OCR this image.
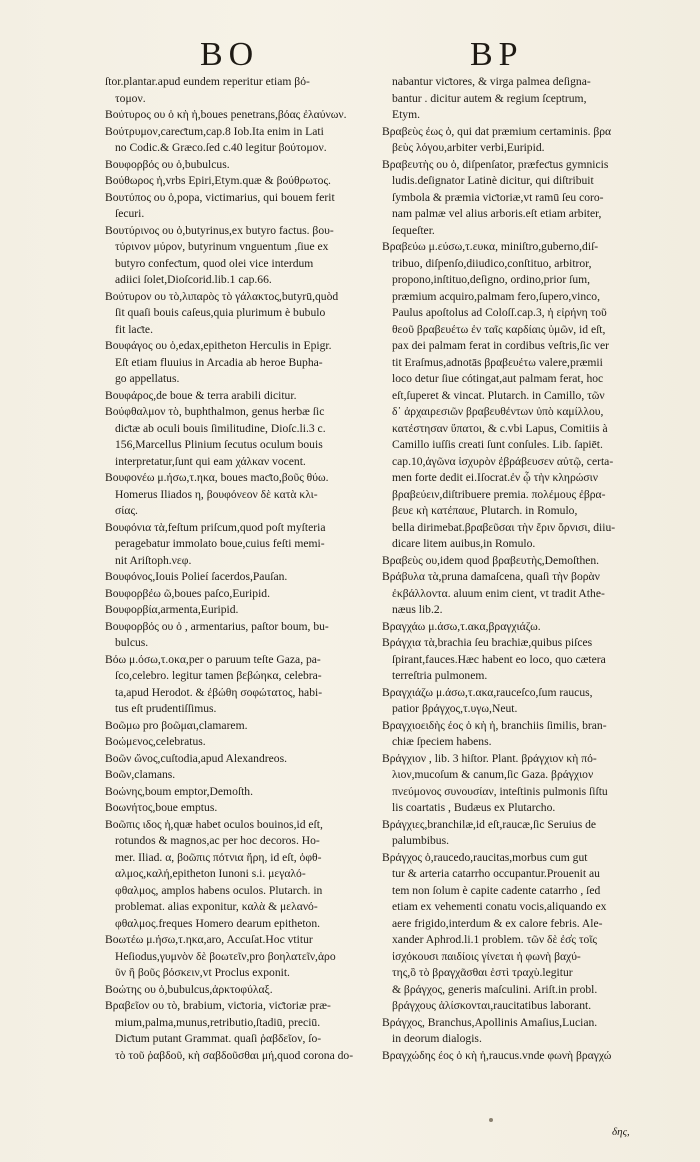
BO	BP
ſtor.plantar.apud eundem reperitur etiam βό-
τομον.
Βούτυρος ου ὁ κὴ ἡ,boues penetrans,βόας ἐλαύνων.
Βούτρυμον,careƈtum,cap.8 Iob.Ita enim in Lati
no Codic.& Græco.ſed c.40 legitur βούτομον.
Βουφορβός ου ὁ,bubulcus.
Βούθωρος ἡ,vrbs Epiri,Etym.quæ & βούθρωτος.
Βουτύπος ου ὁ,popa, victimarius, qui bouem ferit
ſecuri.
Βουτύρινος ου ὁ,butyrinus,ex butyro factus. βου-
τύρινον μύρον, butyrinum vnguentum ,ſiue ex
butyro confeƈtum, quod olei vice interdum
adiici ſolet,Dioſcorid.lib.1 cap.66.
Βούτυρον ου τὸ,λιπαρὸς τὸ γάλακτος,butyrū,quòd
ſit quaſi bouis caſeus,quia plurimum è bubulo
fit laƈte.
Βουφάγος ου ὁ,edax,epitheton Herculis in Epigr.
Eſt etiam fluuius in Arcadia ab heroe Bupha-
go appellatus.
Βουφάρος,de boue & terra arabili dicitur.
Βούφθαλμον τὸ, buphthalmon, genus herbæ ſic
diƈtæ ab oculi bouis ſimilitudine, Dioſc.li.3 c.
156,Marcellus Plinium ſecutus oculum bouis
interpretatur,ſunt qui eam χάλκαν vocent.
Βουφονέω μ.ήσω,τ.ηκα, boues maƈto,βοῦς θύω.
Homerus Iliados η, βουφόνεον δὲ κατὰ κλι-
σίας.
Βουφόνια τὰ,feſtum priſcum,quod poſt myſteria
peragebatur immolato boue,cuius feſti memi-
nit Ariſtoph.νεφ.
Βουφόνος,Iouis Polieí ſacerdos,Pauſan.
Βουφορβέω ῶ,boues paſco,Euripid.
Βουφορβία,armenta,Euripid.
Βουφορβός ου ὁ , armentarius, paſtor boum, bu-
bulcus.
Βόω μ.όσω,τ.οκα,per o paruum teſte Gaza, pa-
ſco,celebro. legitur tamen βεβώηκα, celebra-
ta,apud Herodot. & ἐβώθη σοφώτατος, habi-
tus eſt prudentiſſimus.
Βοῶμω pro βοῶμαι,clamarem.
Βοώμενος,celebratus.
Βοῶν ὤνος,cuſtodia,apud Alexandreos.
Βοῶν,clamans.
Βοώνης,boum emptor,Demoſth.
Βοωνήτος,boue emptus.
Βοῶπις ιδος ἡ,quæ habet oculos bouinos,id eſt,
rotundos & magnos,ac per hoc decoros. Ho-
mer. Iliad. α, βοῶπις πότνια ἥρη, id eſt, ὀφθ-
αλμος,καλή,epitheton Iunoni s.i. μεγαλό-
φθαλμος, amplos habens oculos. Plutarch. in
problemat. alias exponitur, καλὰ & μελανό-
φθαλμος.freques Homero dearum epitheton.
Βοωτέω μ.ήσω,τ.ηκα,aro, Accuſat.Hoc vtitur
Heſiodus,γυμνὸν δὲ βοωτεῖν,pro βοηλατεῖν,ἀρο
ῦν ἢ βοῦς βόσκειν,vt Proclus exponit.
Βοώτης ου ὁ,bubulcus,ἀρκτοφύλαξ.
Βραβεῖον ου τὸ, brabium, viƈtoria, viƈtoriæ præ-
mium,palma,munus,retributio,ſtadiū, preciū.
Diƈtum putant Grammat. quaſi ῥαβδεῖον, ſο-
τὸ τοῦ ῥαβδοῦ, κὴ σαβδοῦσθαι μή,quod corona do-
nabantur viƈtores, & virga palmea deſigna-
bantur . dicitur autem & regium ſceptrum,
Etym.
Βραβεὺς έως ὁ, qui dat præmium certaminis. βρα
βεὺς λόγου,arbiter verbi,Euripid.
Βραβευτὴς ου ὁ, diſpenſator, præfeƈtus gymnicis
ludis.deſignator Latinè dicitur, qui diſtribuit
ſymbola & præmia viƈtoriæ,vt ramū ſeu coro-
nam palmæ vel alius arboris.eſt etiam arbiter,
ſequeſter.
Βραβεύω μ.εύσω,τ.ευκα, miniſtro,guberno,diſ-
tribuo, diſpenſo,diiudico,conſtituo, arbitror,
propono,inſtituo,deſigno, ordino,prior ſum,
præmium acquiro,palmam fero,ſupero,vinco,
Paulus apoſtolus ad Coloſſ.cap.3, ἡ εἰρήνη τοῦ
θεοῦ βραβευέτω ἐν ταῖς καρδίαις ὑμῶν, id eſt,
pax dei palmam ferat in cordibus veſtris,ſic ver
tit Eraſmus,adnotās βραβευέτω valere,præmii
loco detur ſiue cótingat,aut palmam ferat, hoc
eſt,ſuperet & vincat. Plutarch. in Camillo, τῶν
δ᾽ ἀρχαιρεσιῶν βραβευθέντων ὑπὸ καμίλλου,
κατέστησαν ὕπατοι, & c.vbi Lapus, Comitiis à
Camillo iuſſis creati ſunt conſules. Lib. ſapiēt.
cap.10,ἀγῶνα ἰσχυρὸν ἐβράβευσεν αὐτῷ, certa-
men forte dedit ei.Iſocrat.ἐν ᾧ τὴν κληρώσιν
βραβεύειν,diſtribuere premia. πολέμους ἐβρα-
βευε κὴ κατέπαυε, Plutarch. in Romulo,
bella dirimebat.βραβεῦσαι τὴν ἔριν ὄρνισι, diiu-
dicare litem auibus,in Romulo.
Βραβεὺς ου,idem quod βραβευτὴς,Demoſthen.
Βράβυλα τὰ,pruna damaſcena, quaſi τὴν βορὰν
ἐκβάλλοντα. aluum enim cient, vt tradit Athe-
næus lib.2.
Βραγχάω μ.άσω,τ.ακα,βραγχιάζω.
Βράγχια τὰ,brachia ſeu brachiæ,quibus piſces
ſpirant,fauces.Hæc habent eo loco, quo cætera
terreſtria pulmonem.
Βραγχιάζω μ.άσω,τ.ακα,rauceſco,ſum raucus,
patior βράγχος,τ.υγω,Neut.
Βραγχιοειδὴς έος ὁ κὴ ἡ, branchiis ſimilis, bran-
chiæ ſpeciem habens.
Βράγχιον , lib. 3 hiſtor. Plant. βράγχιον κὴ πό-
λιον,mucoſum & canum,ſic Gaza. βράγχιον
πνεύμονος συνουσίαν, inteſtinis pulmonis ſiſtu
lis coartatis , Budæus ex Plutarcho.
Βράγχιες,branchilæ,id eſt,raucæ,ſic Seruius de
palumbibus.
Βράγχος ὁ,raucedo,raucitas,morbus cum gut
tur & arteria catarrho occupantur.Prouenit au
tem non ſolum è capite cadente catarrho , ſed
etiam ex vehementi conatu vocis,aliquando ex
aere frigido,interdum & ex calore febris. Ale-
xander Aphrod.li.1 problem. τῶν δὲ ἐσ̓ς τοῖς
ἰσχόκουσι παιδίοις γίνεται ἡ φωνὴ βαχύ-
της,ὃ τὸ βραγχᾶσθαι ἑστὶ τραχὺ.legitur
& βράγχος, generis maſculini. Ariſt.in probl.
βράγχους ἁλίσκονται,raucitatibus laborant.
Βράγχος, Branchus,Apollinis Amaſius,Lucian.
in deorum dialogis.
Βραγχώδης έος ὁ κὴ ἡ,raucus.vnde φωνὴ βραγχώ
δης,
